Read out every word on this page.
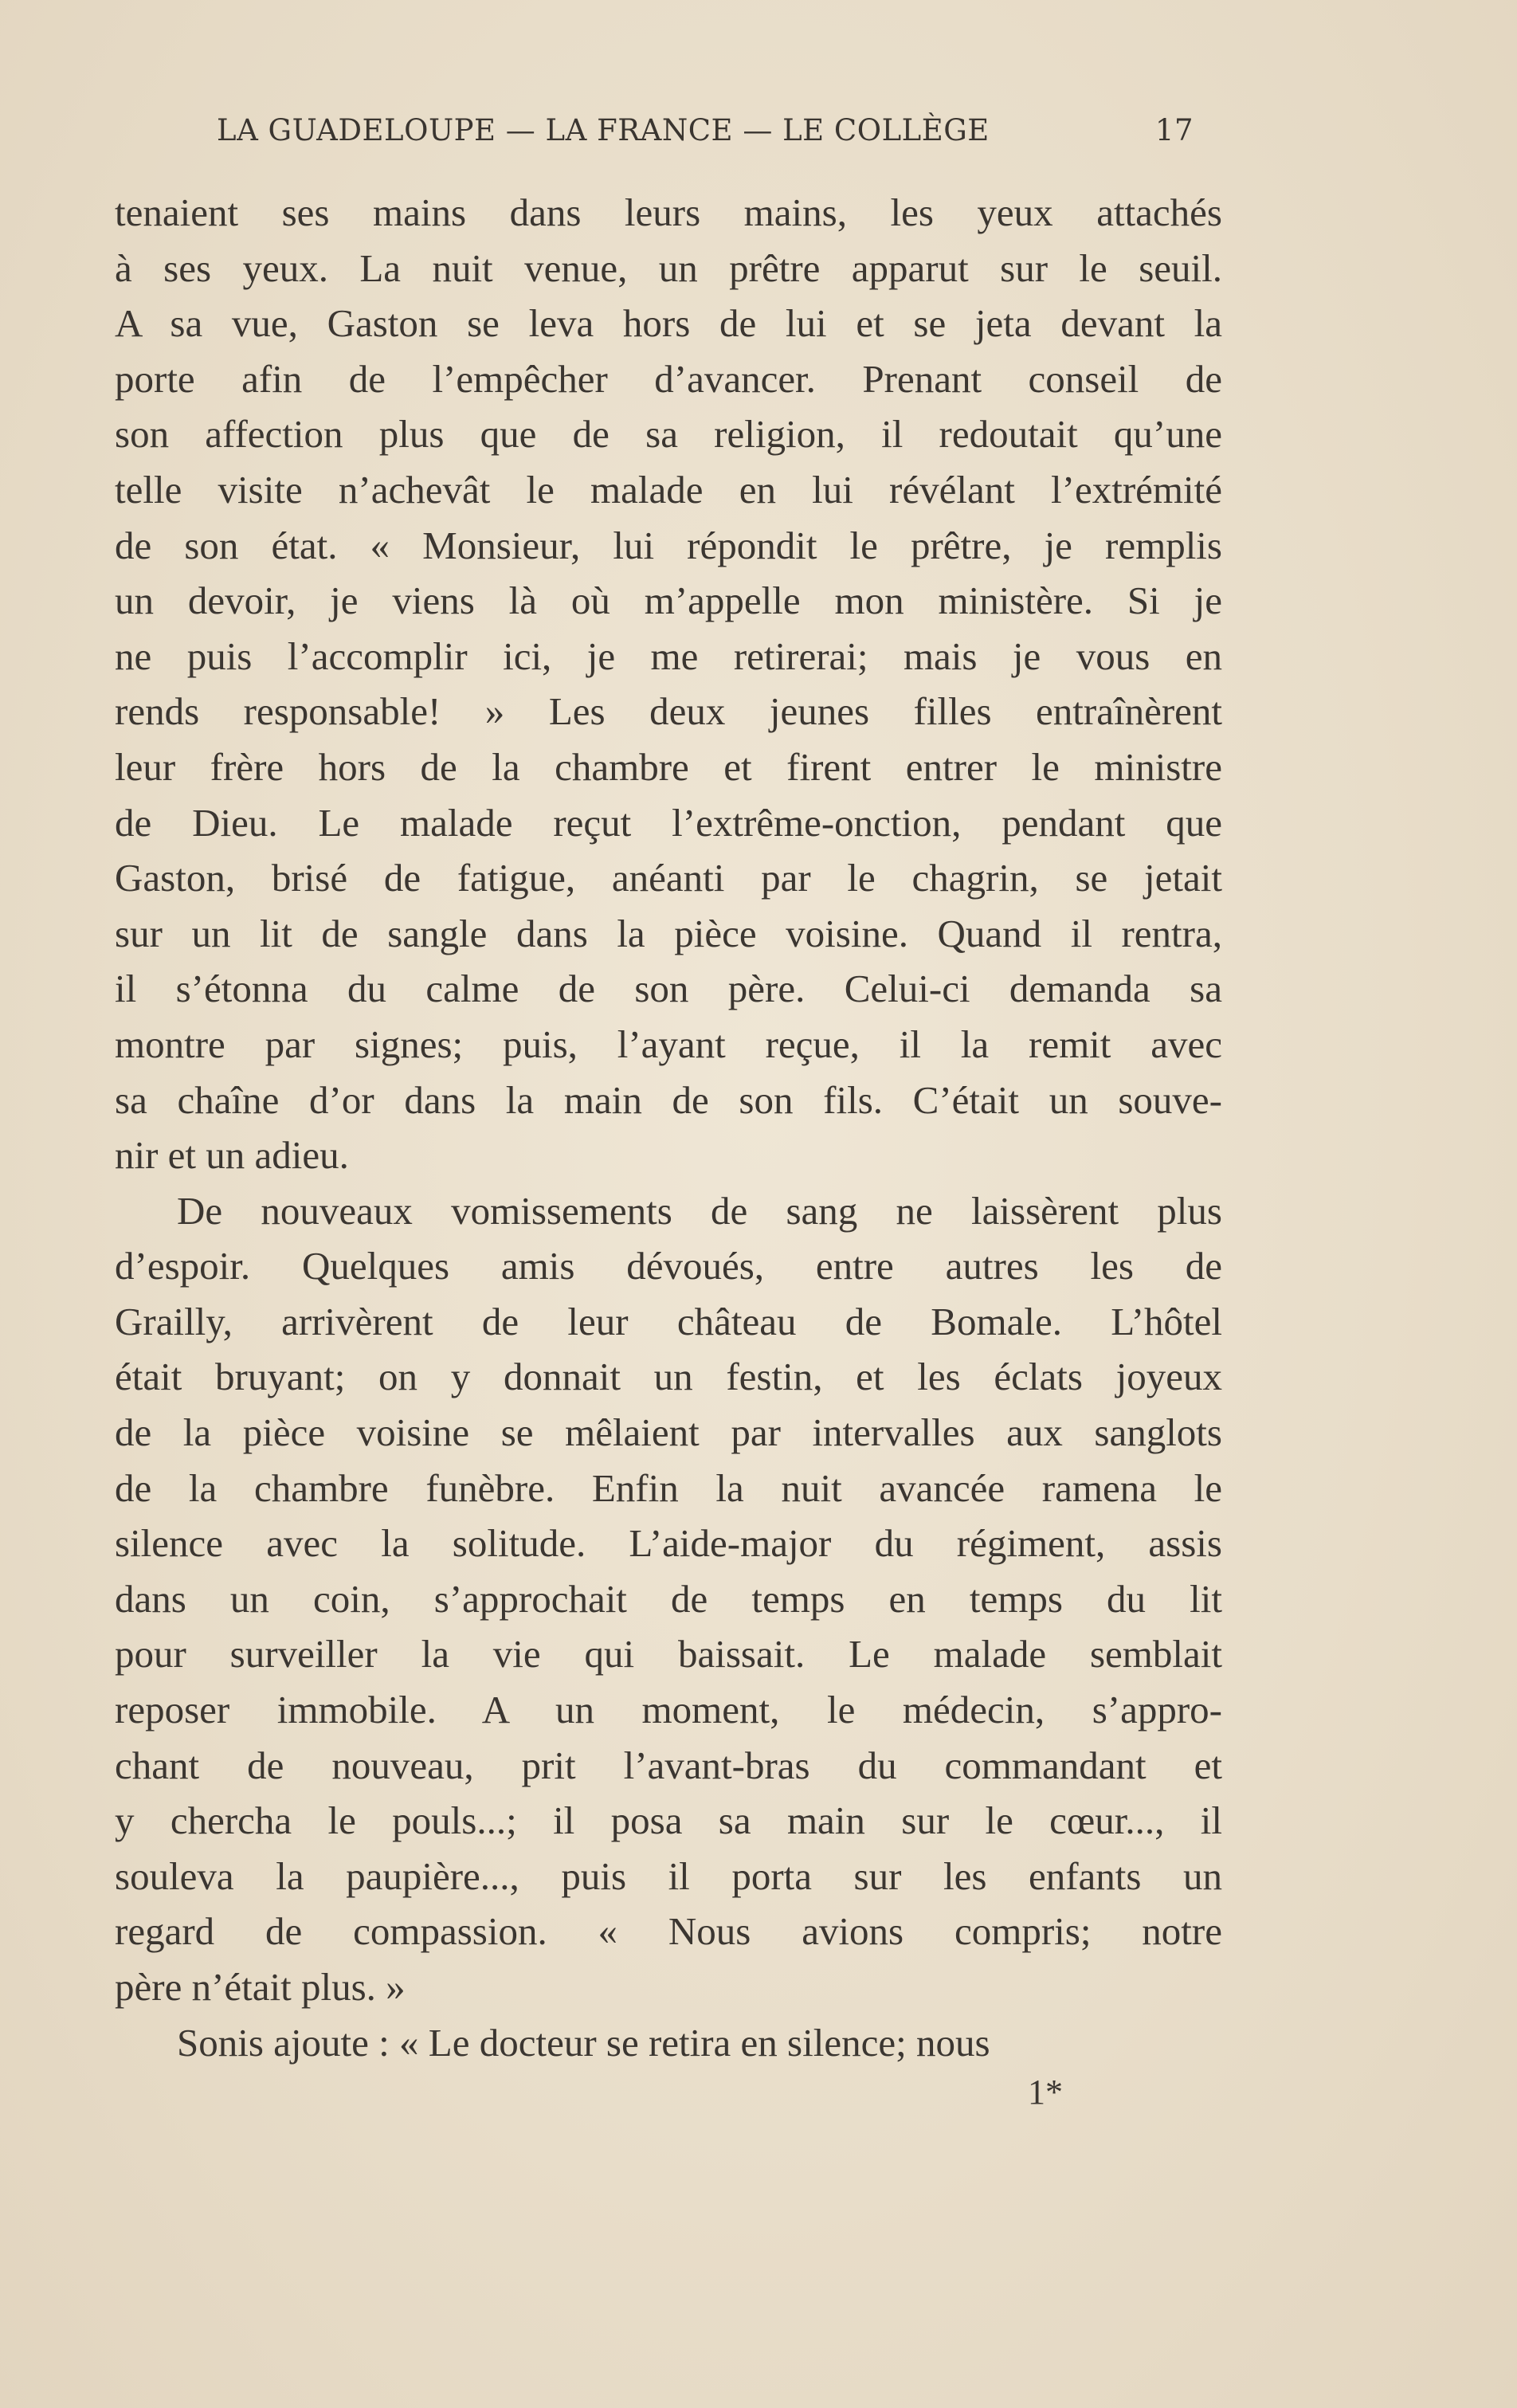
LA GUADELOUPE — LA FRANCE — LE COLLÈGE	17

tenaient ses mains dans leurs mains, les yeux attachés
à ses yeux. La nuit venue, un prêtre apparut sur le seuil.
A sa vue, Gaston se leva hors de lui et se jeta devant la
porte afin de l’empêcher d’avancer. Prenant conseil de
son affection plus que de sa religion, il redoutait qu’une
telle visite n’achevât le malade en lui révélant l’extrémité
de son état. « Monsieur, lui répondit le prêtre, je remplis
un devoir, je viens là où m’appelle mon ministère. Si je
ne puis l’accomplir ici, je me retirerai; mais je vous en
rends responsable! » Les deux jeunes filles entraînèrent
leur frère hors de la chambre et firent entrer le ministre
de Dieu. Le malade reçut l’extrême-onction, pendant que
Gaston, brisé de fatigue, anéanti par le chagrin, se jetait
sur un lit de sangle dans la pièce voisine. Quand il rentra,
il s’étonna du calme de son père. Celui-ci demanda sa
montre par signes; puis, l’ayant reçue, il la remit avec
sa chaîne d’or dans la main de son fils. C’était un souve-
nir et un adieu.

De nouveaux vomissements de sang ne laissèrent plus
d’espoir. Quelques amis dévoués, entre autres les de
Grailly, arrivèrent de leur château de Bomale. L’hôtel
était bruyant; on y donnait un festin, et les éclats joyeux
de la pièce voisine se mêlaient par intervalles aux sanglots
de la chambre funèbre. Enfin la nuit avancée ramena le
silence avec la solitude. L’aide-major du régiment, assis
dans un coin, s’approchait de temps en temps du lit
pour surveiller la vie qui baissait. Le malade semblait
reposer immobile. A un moment, le médecin, s’appro-
chant de nouveau, prit l’avant-bras du commandant et
y chercha le pouls...; il posa sa main sur le cœur..., il
souleva la paupière..., puis il porta sur les enfants un
regard de compassion. « Nous avions compris; notre
père n’était plus. »

Sonis ajoute : « Le docteur se retira en silence; nous

1*
